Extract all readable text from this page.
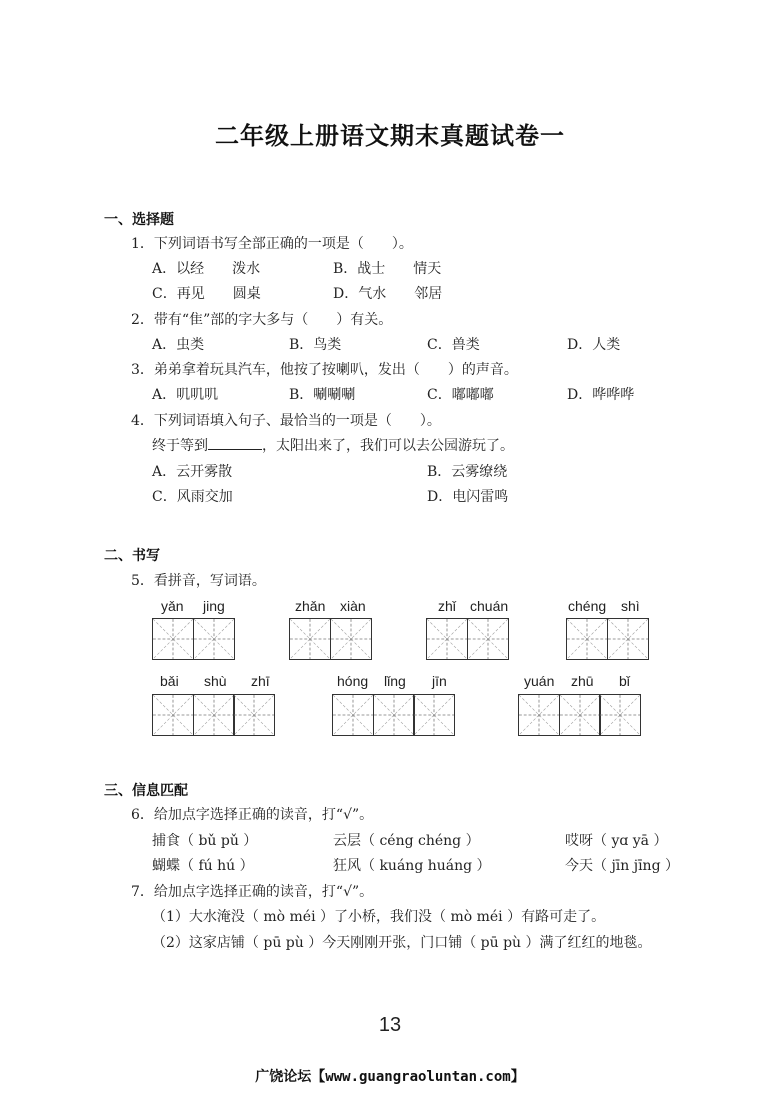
二年级上册语文期末真题试卷一
一、选择题
1．下列词语书写全部正确的一项是（　　）。
A．以经　　泼水	B．战士　　情天
C．再见　　圆桌	D．气水　　邻居
2．带有“隹”部的字大多与（　　）有关。
A．虫类	B．鸟类	C．兽类	D．人类
3．弟弟拿着玩具汽车，他按了按喇叭，发出（　　）的声音。
A．叽叽叽	B．唰唰唰	C．嘟嘟嘟	D．哗哗哗
4．下列词语填入句子、最恰当的一项是（　　）。
终于等到	，太阳出来了，我们可以去公园游玩了。
A．云开雾散	B．云雾缭绕
C．风雨交加	D．电闪雷鸣
二、书写
5．看拼音，写词语。
yǎn jing	zhǎn xiàn	zhǐ chuán	chéng shì
bǎi shù zhī	hóng lǐng jīn	yuán zhū bǐ
三、信息匹配
6．给加点字选择正确的读音，打“√”。
捕食（ bǔ pǔ ）	云层（ céng chéng ）	哎呀（ yɑ yā ）
蝴蝶（ fú hú ）	狂风（ kuáng huáng ）	今天（ jīn jīng ）
7．给加点字选择正确的读音，打“√”。
（1）大水淹没（ mò méi ）了小桥，我们没（ mò méi ）有路可走了。
（2）这家店铺（ pū pù ）今天刚刚开张，门口铺（ pū pù ）满了红红的地毯。
13
广饶论坛【www.guangraoluntan.com】
